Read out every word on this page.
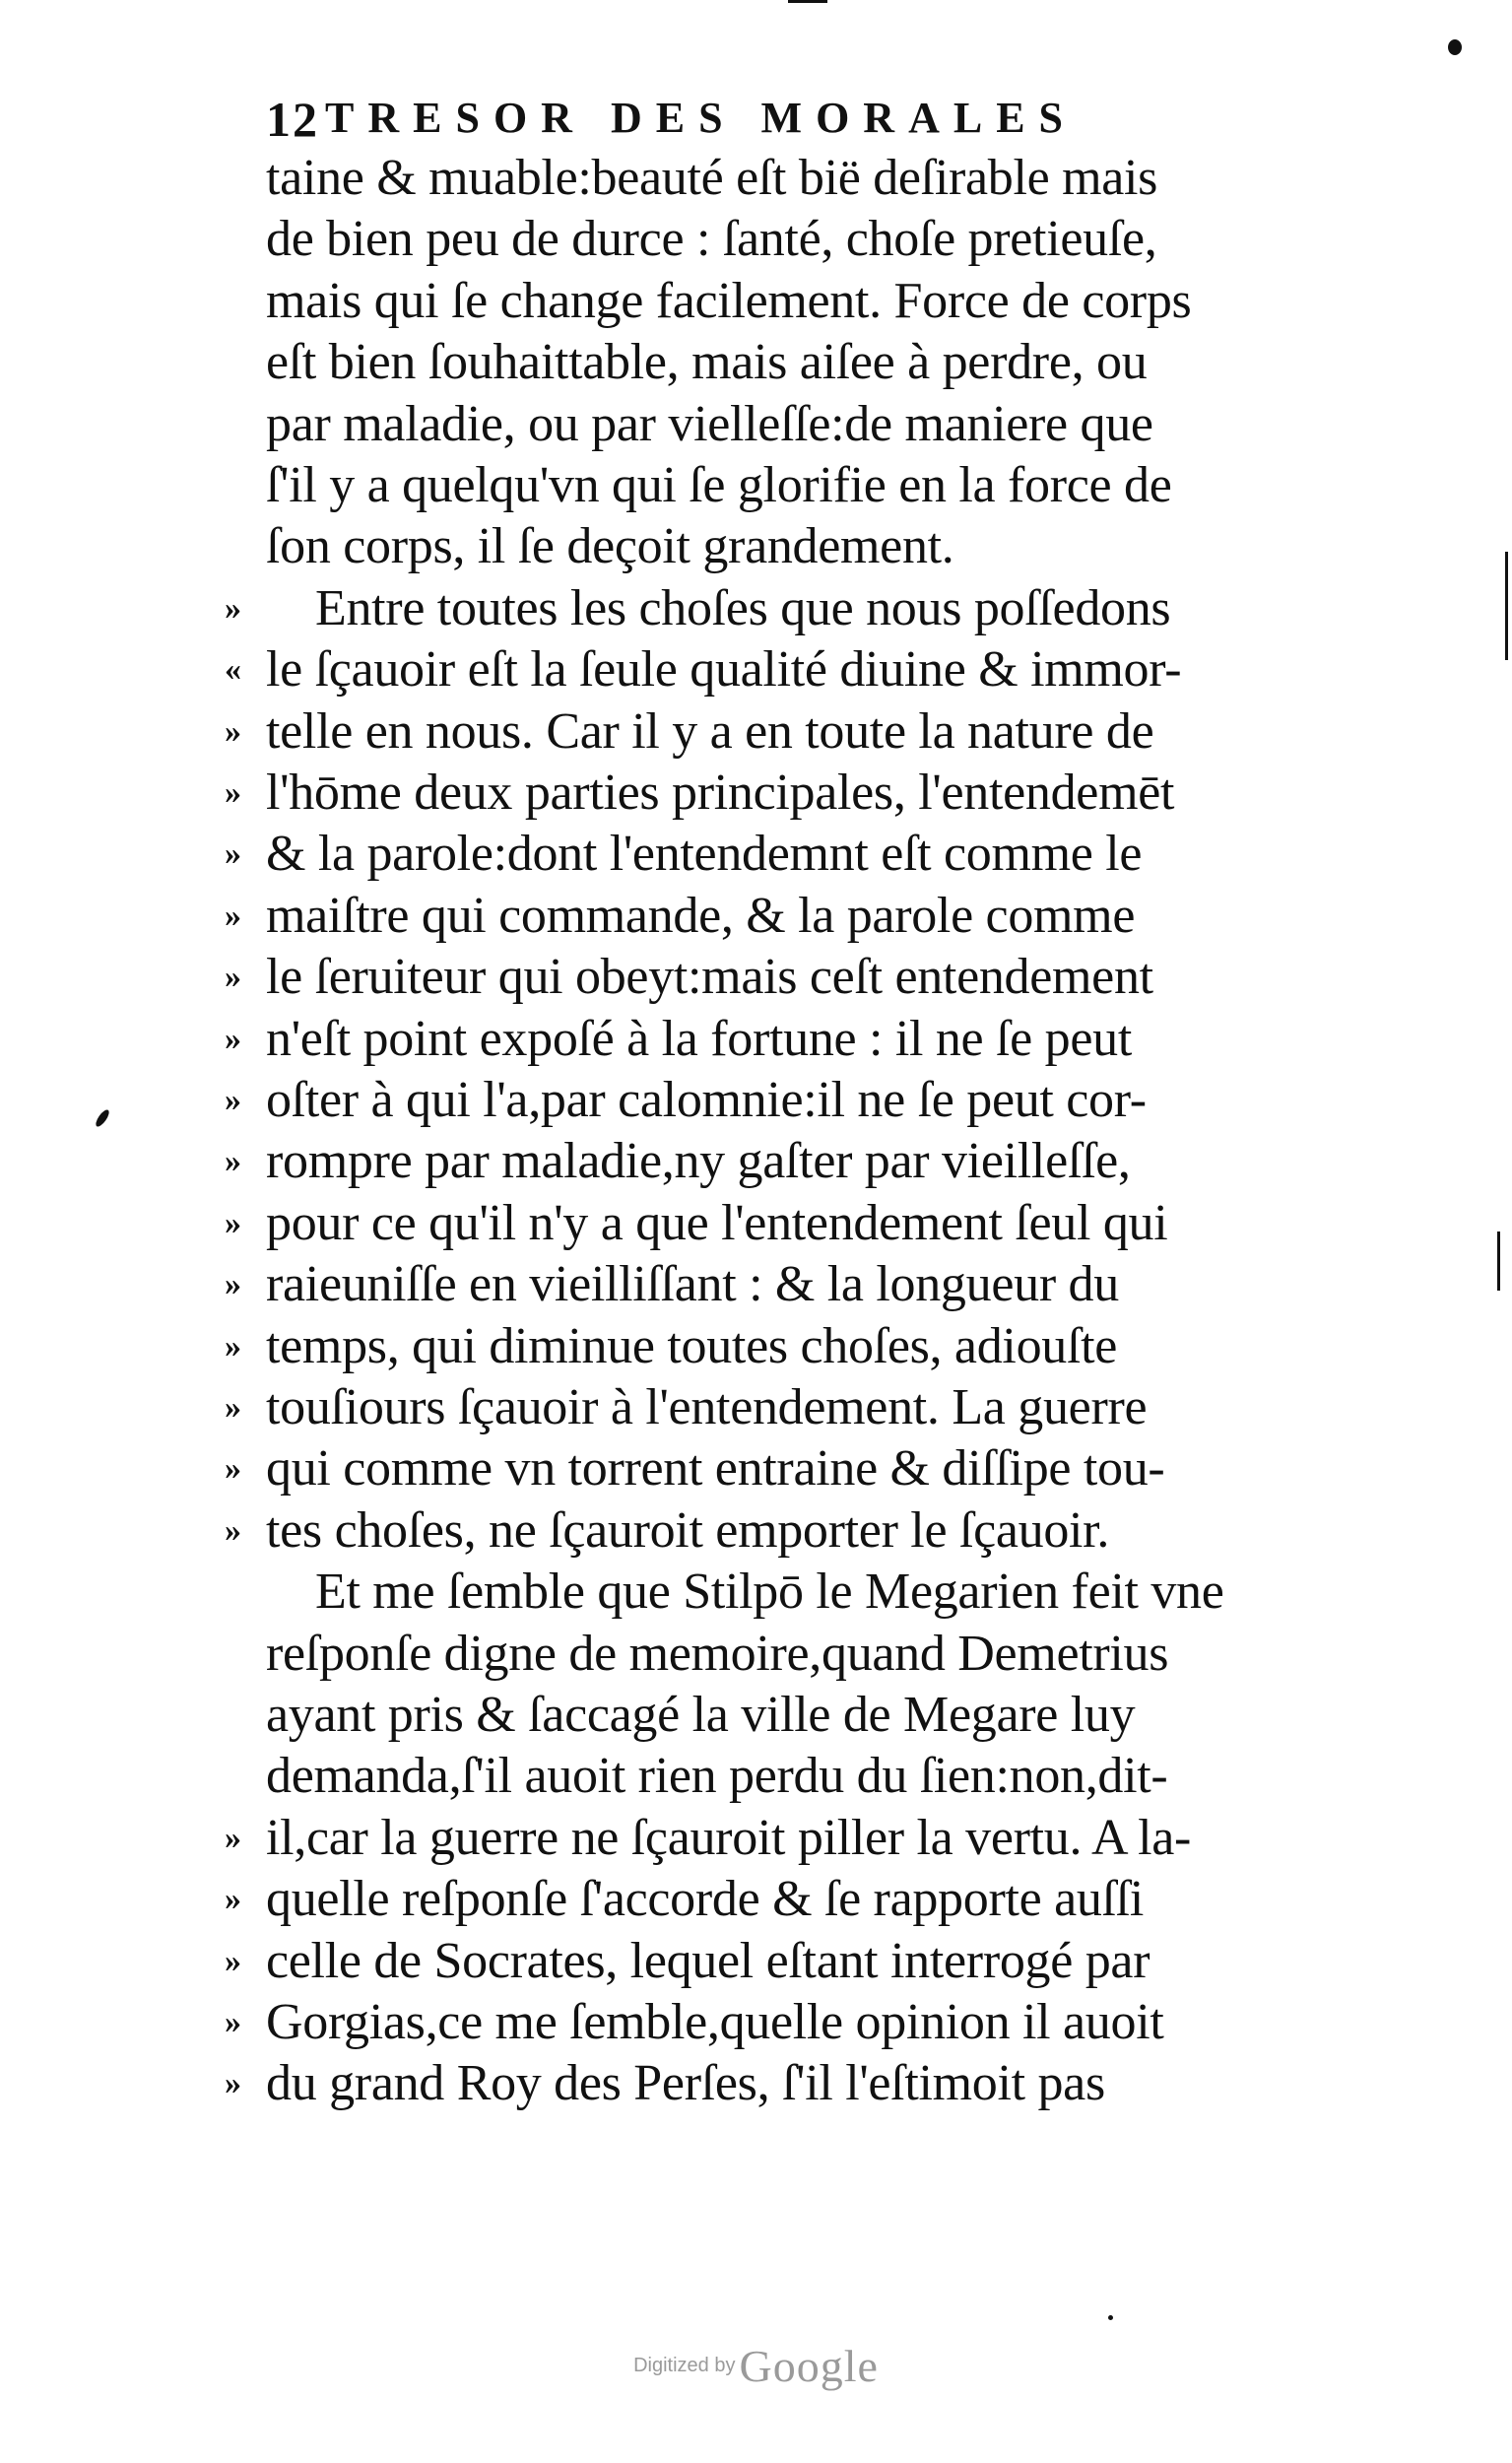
12 TRESOR DES MORALES
taine & muable:beauté eſt bië deſirable mais
de bien peu de durce : ſanté, choſe pretieuſe,
mais qui ſe change facilement. Force de corps
eſt bien ſouhaittable, mais aiſee à perdre, ou
par maladie, ou par vielleſſe:de maniere que
ſ'il y a quelqu'vn qui ſe glorifie en la force de
ſon corps, il ſe deçoit grandement.
»	Entre toutes les choſes que nous poſſedons
« le ſçauoir eſt la ſeule qualité diuine & immor-
» telle en nous. Car il y a en toute la nature de
» l'hōme deux parties principales, l'entendemēt
» & la parole:dont l'entendemnt eſt comme le
» maiſtre qui commande, & la parole comme
» le ſeruiteur qui obeyt:mais ceſt entendement
» n'eſt point expoſé à la fortune : il ne ſe peut
» oſter à qui l'a,par calomnie:il ne ſe peut cor-
» rompre par maladie,ny gaſter par vieilleſſe,
» pour ce qu'il n'y a que l'entendement ſeul qui
» raieuniſſe en vieilliſſant : & la longueur du
» temps, qui diminue toutes choſes, adiouſte
» touſiours ſçauoir à l'entendement. La guerre
» qui comme vn torrent entraine & diſſipe tou-
» tes choſes, ne ſçauroit emporter le ſçauoir.
Et me ſemble que Stilpō le Megarien feit vne
reſponſe digne de memoire,quand Demetrius
ayant pris & ſaccagé la ville de Megare luy
demanda,ſ'il auoit rien perdu du ſien:non,dit-
» il,car la guerre ne ſçauroit piller la vertu. A la-
» quelle reſponſe ſ'accorde & ſe rapporte auſſi
» celle de Socrates, lequel eſtant interrogé par
» Gorgias,ce me ſemble,quelle opinion il auoit
» du grand Roy des Perſes, ſ'il l'eſtimoit pas
Digitized by Google
